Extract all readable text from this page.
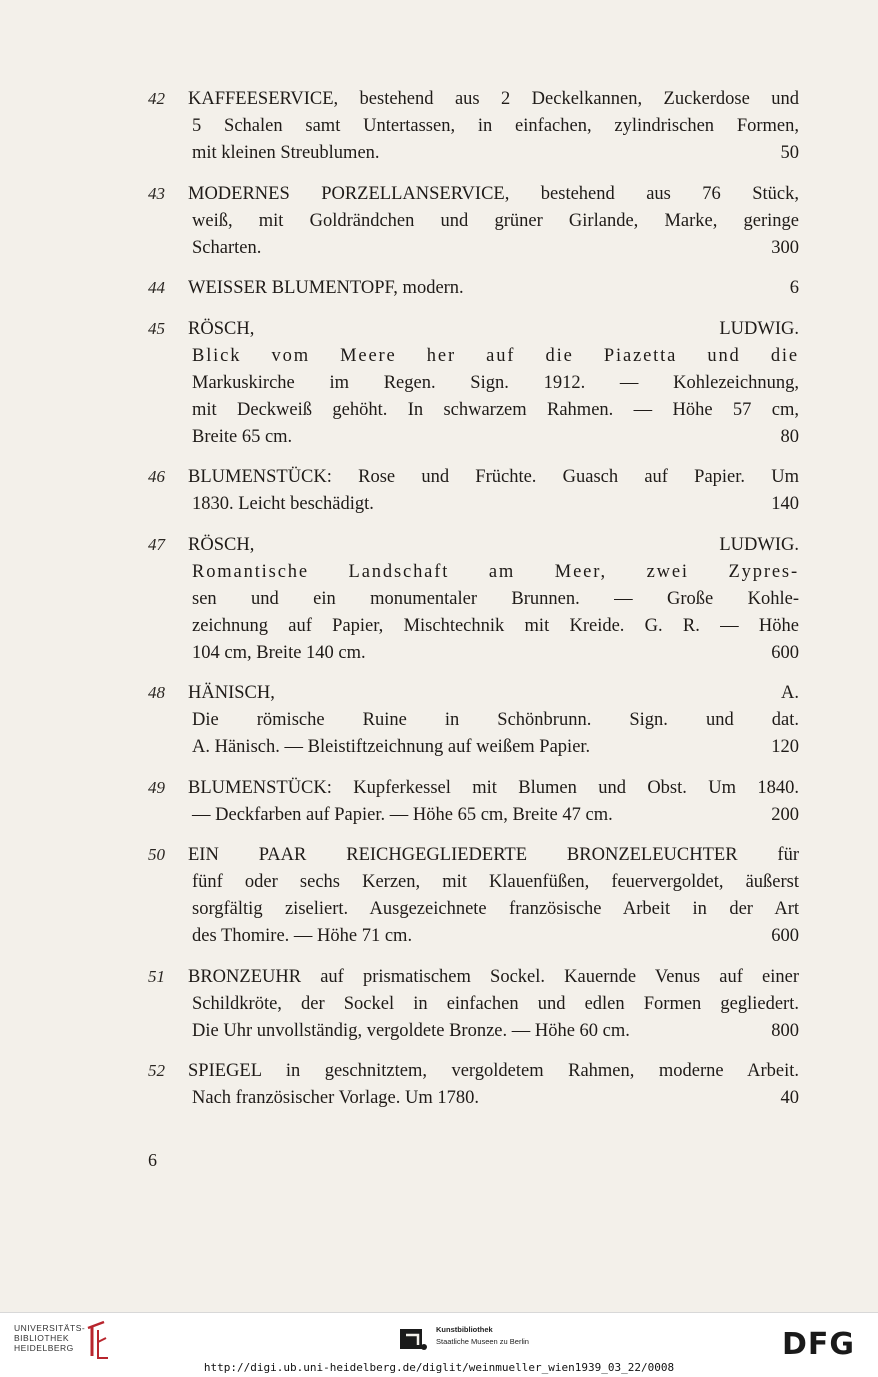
42	KAFFEESERVICE, bestehend aus 2 Deckelkannen, Zuckerdose und
5 Schalen samt Untertassen, in einfachen, zylindrischen Formen,
mit kleinen Streublumen.	50
43	MODERNES PORZELLANSERVICE, bestehend aus 76 Stück,
weiß, mit Goldrändchen und grüner Girlande, Marke, geringe
Scharten.	300
44	WEISSER BLUMENTOPF, modern.	6
45	RÖSCH, LUDWIG.
Blick vom Meere her auf die Piazetta und die
Markuskirche im Regen. Sign. 1912. — Kohlezeichnung,
mit Deckweiß gehöht. In schwarzem Rahmen. — Höhe 57 cm,
Breite 65 cm.	80
46	BLUMENSTÜCK: Rose und Früchte. Guasch auf Papier. Um
1830. Leicht beschädigt.	140
47	RÖSCH, LUDWIG.
Romantische Landschaft am Meer, zwei Zypres-
sen und ein monumentaler Brunnen. — Große Kohle-
zeichnung auf Papier, Mischtechnik mit Kreide. G. R. — Höhe
104 cm, Breite 140 cm.	600
48	HÄNISCH, A.
Die römische Ruine in Schönbrunn. Sign. und dat.
A. Hänisch. — Bleistiftzeichnung auf weißem Papier.	120
49	BLUMENSTÜCK: Kupferkessel mit Blumen und Obst. Um 1840.
— Deckfarben auf Papier. — Höhe 65 cm, Breite 47 cm.	200
50	EIN PAAR REICHGEGLIEDERTE BRONZELEUCHTER für
fünf oder sechs Kerzen, mit Klauenfüßen, feuervergoldet, äußerst
sorgfältig ziseliert. Ausgezeichnete französische Arbeit in der Art
des Thomire. — Höhe 71 cm.	600
51	BRONZEUHR auf prismatischem Sockel. Kauernde Venus auf einer
Schildkröte, der Sockel in einfachen und edlen Formen gegliedert.
Die Uhr unvollständig, vergoldete Bronze. — Höhe 60 cm.	800
52	SPIEGEL in geschnitztem, vergoldetem Rahmen, moderne Arbeit.
Nach französischer Vorlage. Um 1780.	40
6
UNIVERSITÄTS-
BIBLIOTHEK
HEIDELBERG
Kunstbibliothek
Staatliche Museen zu Berlin	DFG
http://digi.ub.uni-heidelberg.de/diglit/weinmueller_wien1939_03_22/0008
